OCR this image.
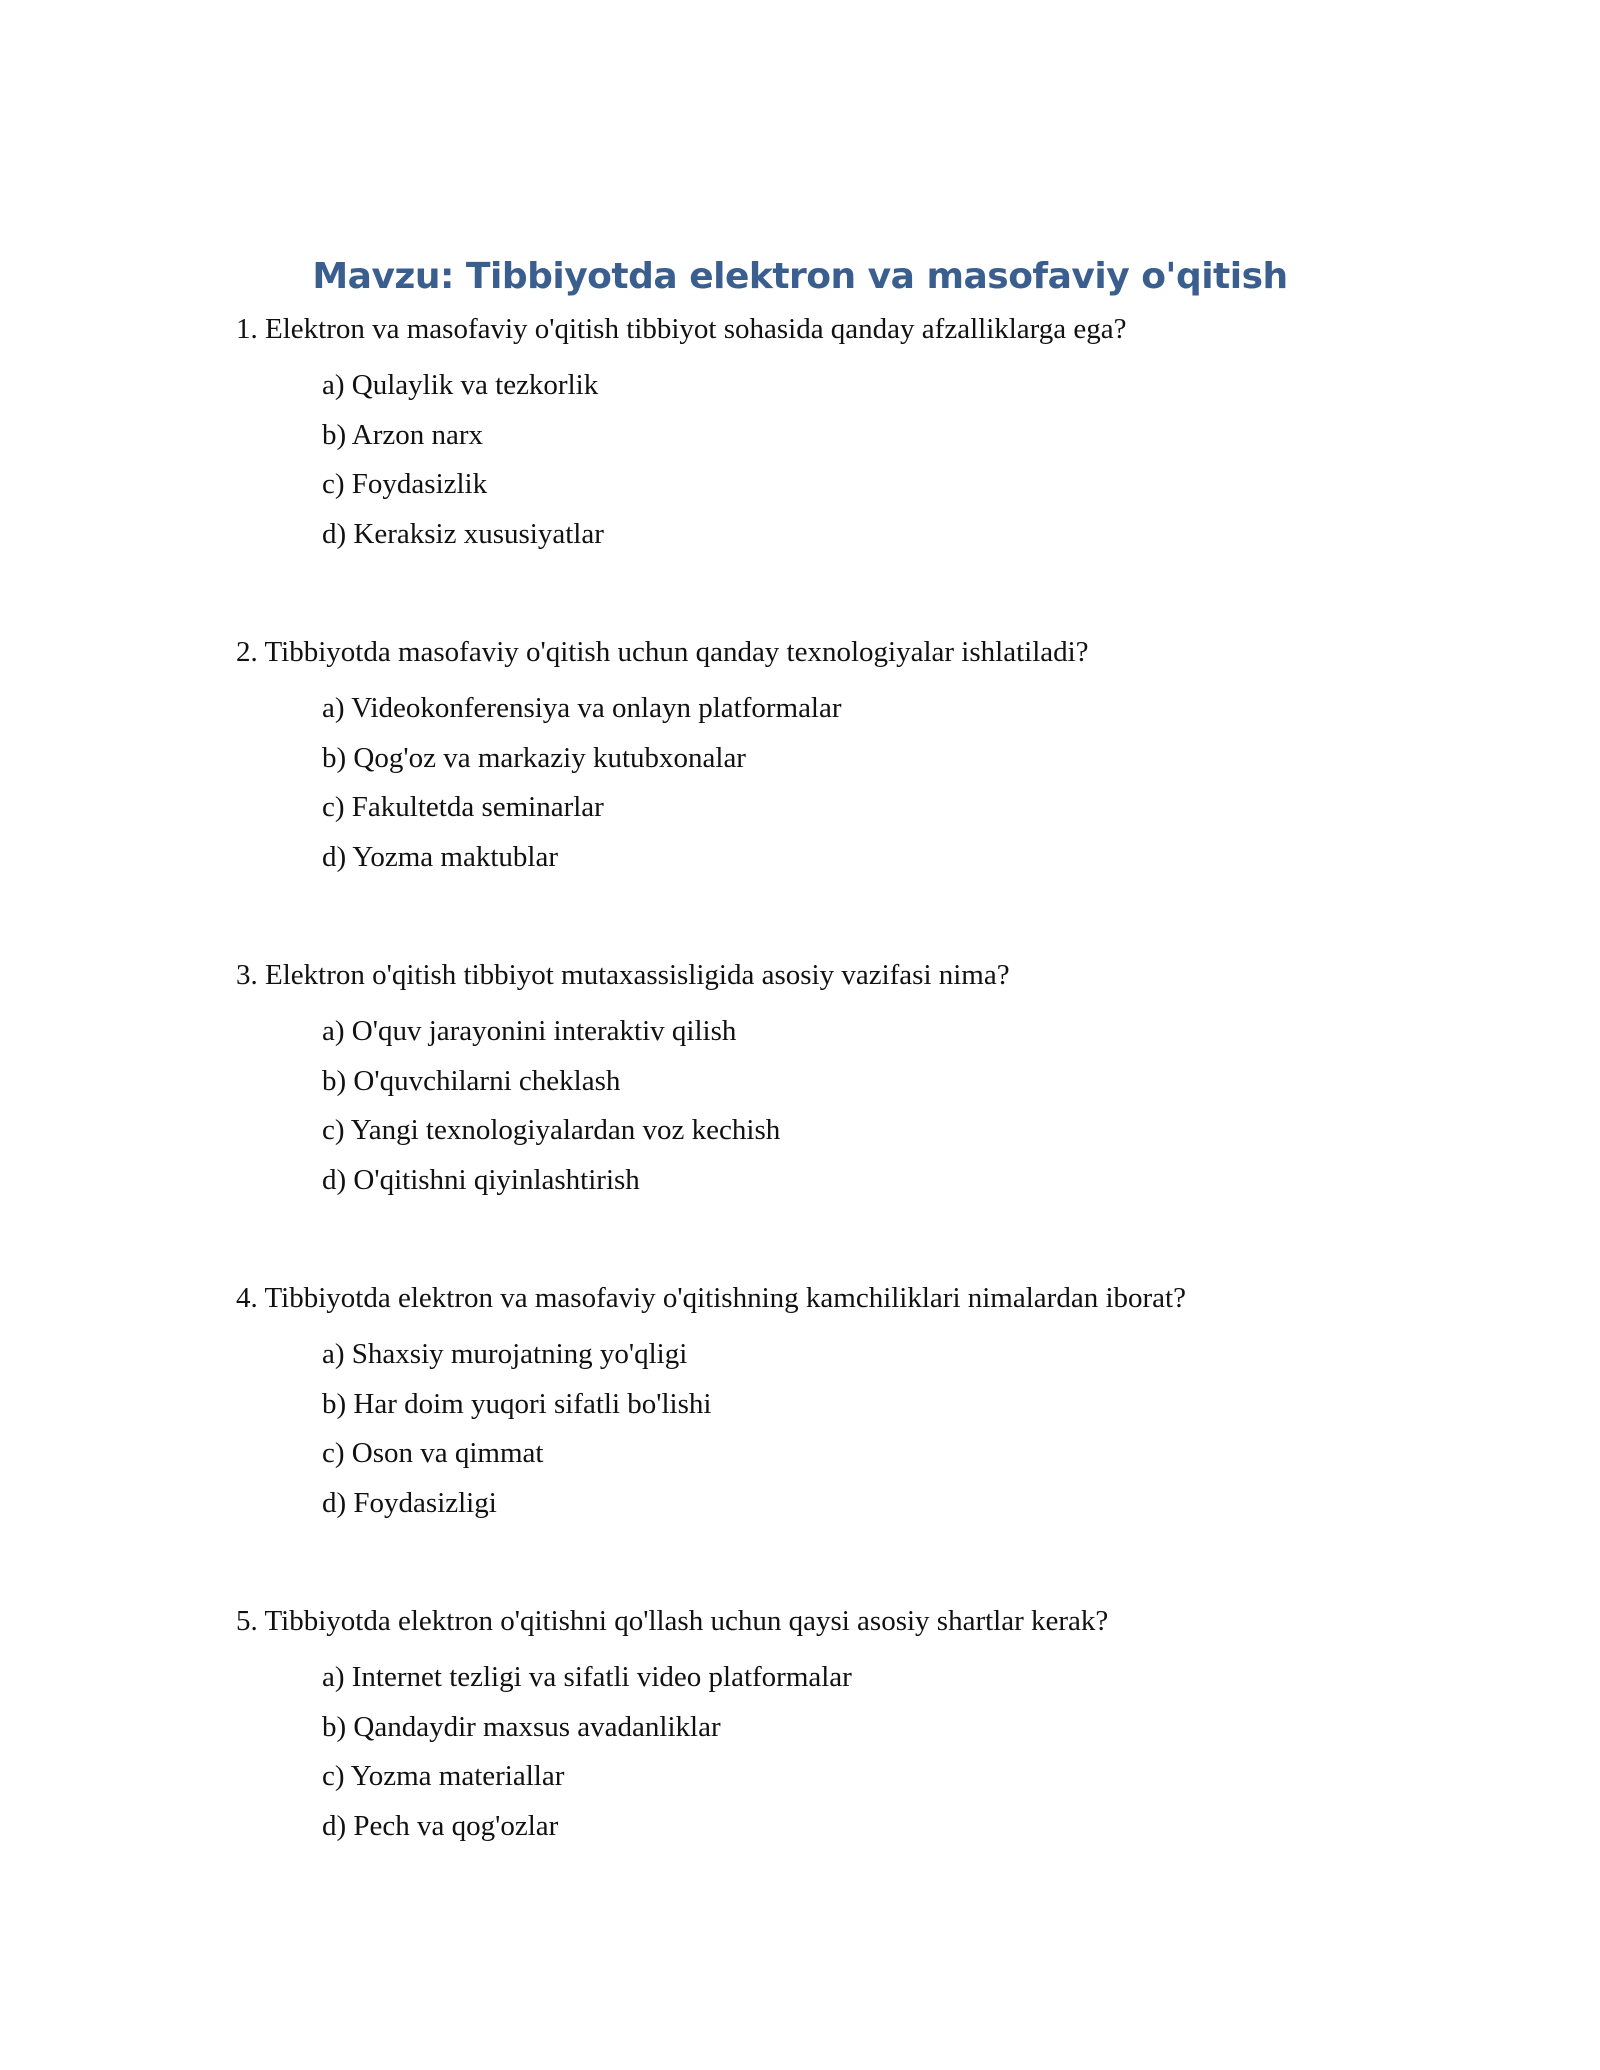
Mavzu: Tibbiyotda elektron va masofaviy o'qitish

1. Elektron va masofaviy o'qitish tibbiyot sohasida qanday afzalliklarga ega?

a) Qulaylik va tezkorlik
b) Arzon narx
c) Foydasizlik
d) Keraksiz xususiyatlar

2. Tibbiyotda masofaviy o'qitish uchun qanday texnologiyalar ishlatiladi?

a) Videokonferensiya va onlayn platformalar
b) Qog'oz va markaziy kutubxonalar
c) Fakultetda seminarlar
d) Yozma maktublar

3. Elektron o'qitish tibbiyot mutaxassisligida asosiy vazifasi nima?

a) O'quv jarayonini interaktiv qilish
b) O'quvchilarni cheklash
c) Yangi texnologiyalardan voz kechish
d) O'qitishni qiyinlashtirish

4. Tibbiyotda elektron va masofaviy o'qitishning kamchiliklari nimalardan iborat?

a) Shaxsiy murojatning yo'qligi
b) Har doim yuqori sifatli bo'lishi
c) Oson va qimmat
d) Foydasizligi

5. Tibbiyotda elektron o'qitishni qo'llash uchun qaysi asosiy shartlar kerak?

a) Internet tezligi va sifatli video platformalar
b) Qandaydir maxsus avadanliklar
c) Yozma materiallar
d) Pech va qog'ozlar
